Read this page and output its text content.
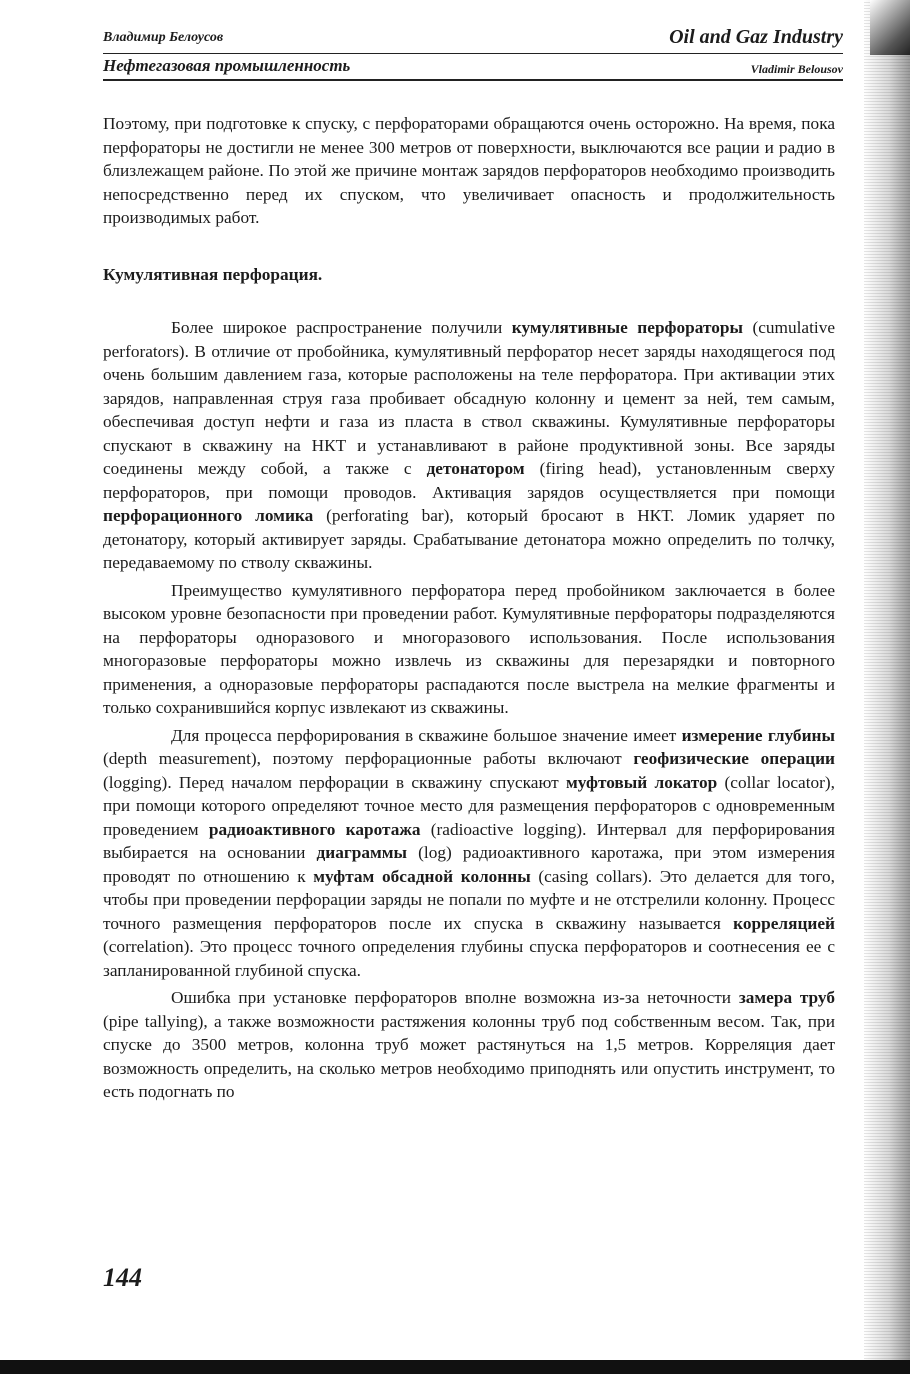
Владимир Белоусов	Oil and Gaz Industry
Нефтегазовая промышленность	Vladimir Belousov

Поэтому, при подготовке к спуску, с перфораторами обращаются очень осторожно. На время, пока перфораторы не достигли не менее 300 метров от поверхности, выключаются все рации и радио в близлежащем районе. По этой же причине монтаж зарядов перфораторов необходимо производить непосредственно перед их спуском, что увеличивает опасность и продолжительность производимых работ.

Кумулятивная перфорация.

Более широкое распространение получили кумулятивные перфораторы (cumulative perforators). В отличие от пробойника, кумулятивный перфоратор несет заряды находящегося под очень большим давлением газа, которые расположены на теле перфоратора. При активации этих зарядов, направленная струя газа пробивает обсадную колонну и цемент за ней, тем самым, обеспечивая доступ нефти и газа из пласта в ствол скважины. Кумулятивные перфораторы спускают в скважину на НКТ и устанавливают в районе продуктивной зоны. Все заряды соединены между собой, а также с детонатором (firing head), установленным сверху перфораторов, при помощи проводов. Активация зарядов осуществляется при помощи перфорационного ломика (perforating bar), который бросают в НКТ. Ломик ударяет по детонатору, который активирует заряды. Срабатывание детонатора можно определить по толчку, передаваемому по стволу скважины.

Преимущество кумулятивного перфоратора перед пробойником заключается в более высоком уровне безопасности при проведении работ. Кумулятивные перфораторы подразделяются на перфораторы одноразового и многоразового использования. После использования многоразовые перфораторы можно извлечь из скважины для перезарядки и повторного применения, а одноразовые перфораторы распадаются после выстрела на мелкие фрагменты и только сохранившийся корпус извлекают из скважины.

Для процесса перфорирования в скважине большое значение имеет измерение глубины (depth measurement), поэтому перфорационные работы включают геофизические операции (logging). Перед началом перфорации в скважину спускают муфтовый локатор (collar locator), при помощи которого определяют точное место для размещения перфораторов с одновременным проведением радиоактивного каротажа (radioactive logging). Интервал для перфорирования выбирается на основании диаграммы (log) радиоактивного каротажа, при этом измерения проводят по отношению к муфтам обсадной колонны (casing collars). Это делается для того, чтобы при проведении перфорации заряды не попали по муфте и не отстрелили колонну. Процесс точного размещения перфораторов после их спуска в скважину называется корреляцией (correlation). Это процесс точного определения глубины спуска перфораторов и соотнесения ее с запланированной глубиной спуска.

Ошибка при установке перфораторов вполне возможна из-за неточности замера труб (pipe tallying), а также возможности растяжения колонны труб под собственным весом. Так, при спуске до 3500 метров, колонна труб может растянуться на 1,5 метров. Корреляция дает возможность определить, на сколько метров необходимо приподнять или опустить инструмент, то есть подогнать по

144
